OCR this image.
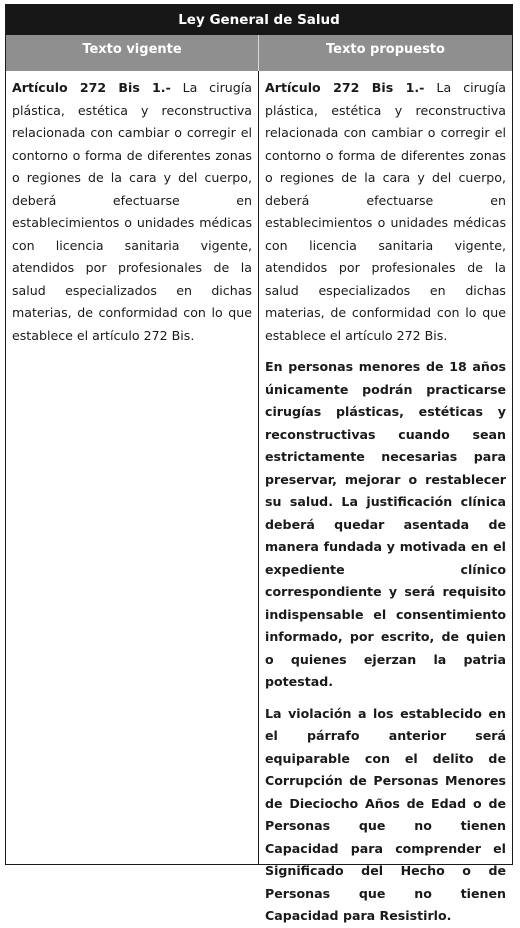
Ley General de Salud
Texto vigente	Texto propuesto

Artículo 272 Bis 1.- La cirugía plástica, estética y reconstructiva relacionada con cambiar o corregir el contorno o forma de diferentes zonas o regiones de la cara y del cuerpo, deberá efectuarse en establecimientos o unidades médicas con licencia sanitaria vigente, atendidos por profesionales de la salud especializados en dichas materias, de conformidad con lo que establece el artículo 272 Bis.

Artículo 272 Bis 1.- La cirugía plástica, estética y reconstructiva relacionada con cambiar o corregir el contorno o forma de diferentes zonas o regiones de la cara y del cuerpo, deberá efectuarse en establecimientos o unidades médicas con licencia sanitaria vigente, atendidos por profesionales de la salud especializados en dichas materias, de conformidad con lo que establece el artículo 272 Bis.

En personas menores de 18 años únicamente podrán practicarse cirugías plásticas, estéticas y reconstructivas cuando sean estrictamente necesarias para preservar, mejorar o restablecer su salud. La justificación clínica deberá quedar asentada de manera fundada y motivada en el expediente clínico correspondiente y será requisito indispensable el consentimiento informado, por escrito, de quien o quienes ejerzan la patria potestad.

La violación a los establecido en el párrafo anterior será equiparable con el delito de Corrupción de Personas Menores de Dieciocho Años de Edad o de Personas que no tienen Capacidad para comprender el Significado del Hecho o de Personas que no tienen Capacidad para Resistirlo.
